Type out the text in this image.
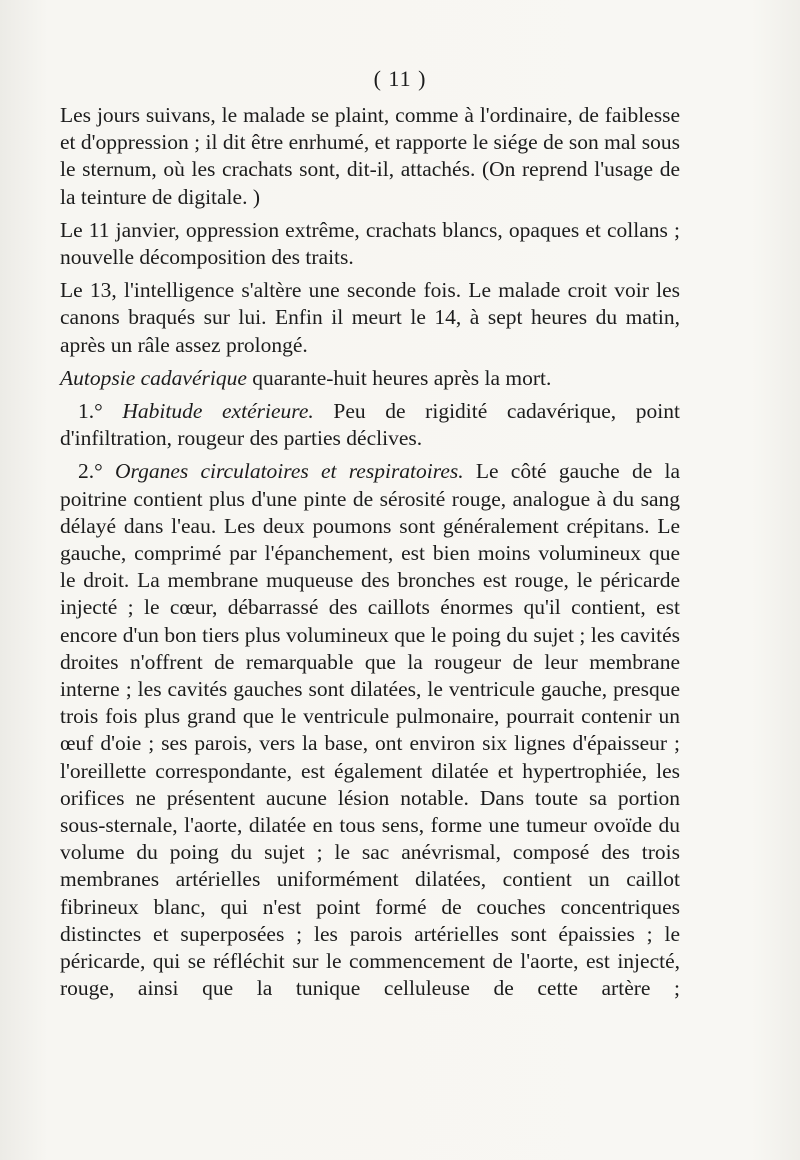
( 11 )

Les jours suivans, le malade se plaint, comme à l'ordinaire, de faiblesse et d'oppression ; il dit être enrhumé, et rapporte le siége de son mal sous le sternum, où les crachats sont, dit-il, attachés. (On reprend l'usage de la teinture de digitale. )

Le 11 janvier, oppression extrême, crachats blancs, opaques et collans ; nouvelle décomposition des traits.

Le 13, l'intelligence s'altère une seconde fois. Le malade croit voir les canons braqués sur lui. Enfin il meurt le 14, à sept heures du matin, après un râle assez prolongé.

Autopsie cadavérique quarante-huit heures après la mort.

1.° Habitude extérieure. Peu de rigidité cadavérique, point d'infiltration, rougeur des parties déclives.

2.° Organes circulatoires et respiratoires. Le côté gauche de la poitrine contient plus d'une pinte de sérosité rouge, analogue à du sang délayé dans l'eau. Les deux poumons sont généralement crépitans. Le gauche, comprimé par l'épanchement, est bien moins volumineux que le droit. La membrane muqueuse des bronches est rouge, le péricarde injecté ; le cœur, débarrassé des caillots énormes qu'il contient, est encore d'un bon tiers plus volumineux que le poing du sujet ; les cavités droites n'offrent de remarquable que la rougeur de leur membrane interne ; les cavités gauches sont dilatées, le ventricule gauche, presque trois fois plus grand que le ventricule pulmonaire, pourrait contenir un œuf d'oie ; ses parois, vers la base, ont environ six lignes d'épaisseur ; l'oreillette correspondante, est également dilatée et hypertrophiée, les orifices ne présentent aucune lésion notable. Dans toute sa portion sous-sternale, l'aorte, dilatée en tous sens, forme une tumeur ovoïde du volume du poing du sujet ; le sac anévrismal, composé des trois membranes artérielles uniformément dilatées, contient un caillot fibrineux blanc, qui n'est point formé de couches concentriques distinctes et superposées ; les parois artérielles sont épaissies ; le péricarde, qui se réfléchit sur le commencement de l'aorte, est injecté, rouge, ainsi que la tunique celluleuse de cette artère ;
